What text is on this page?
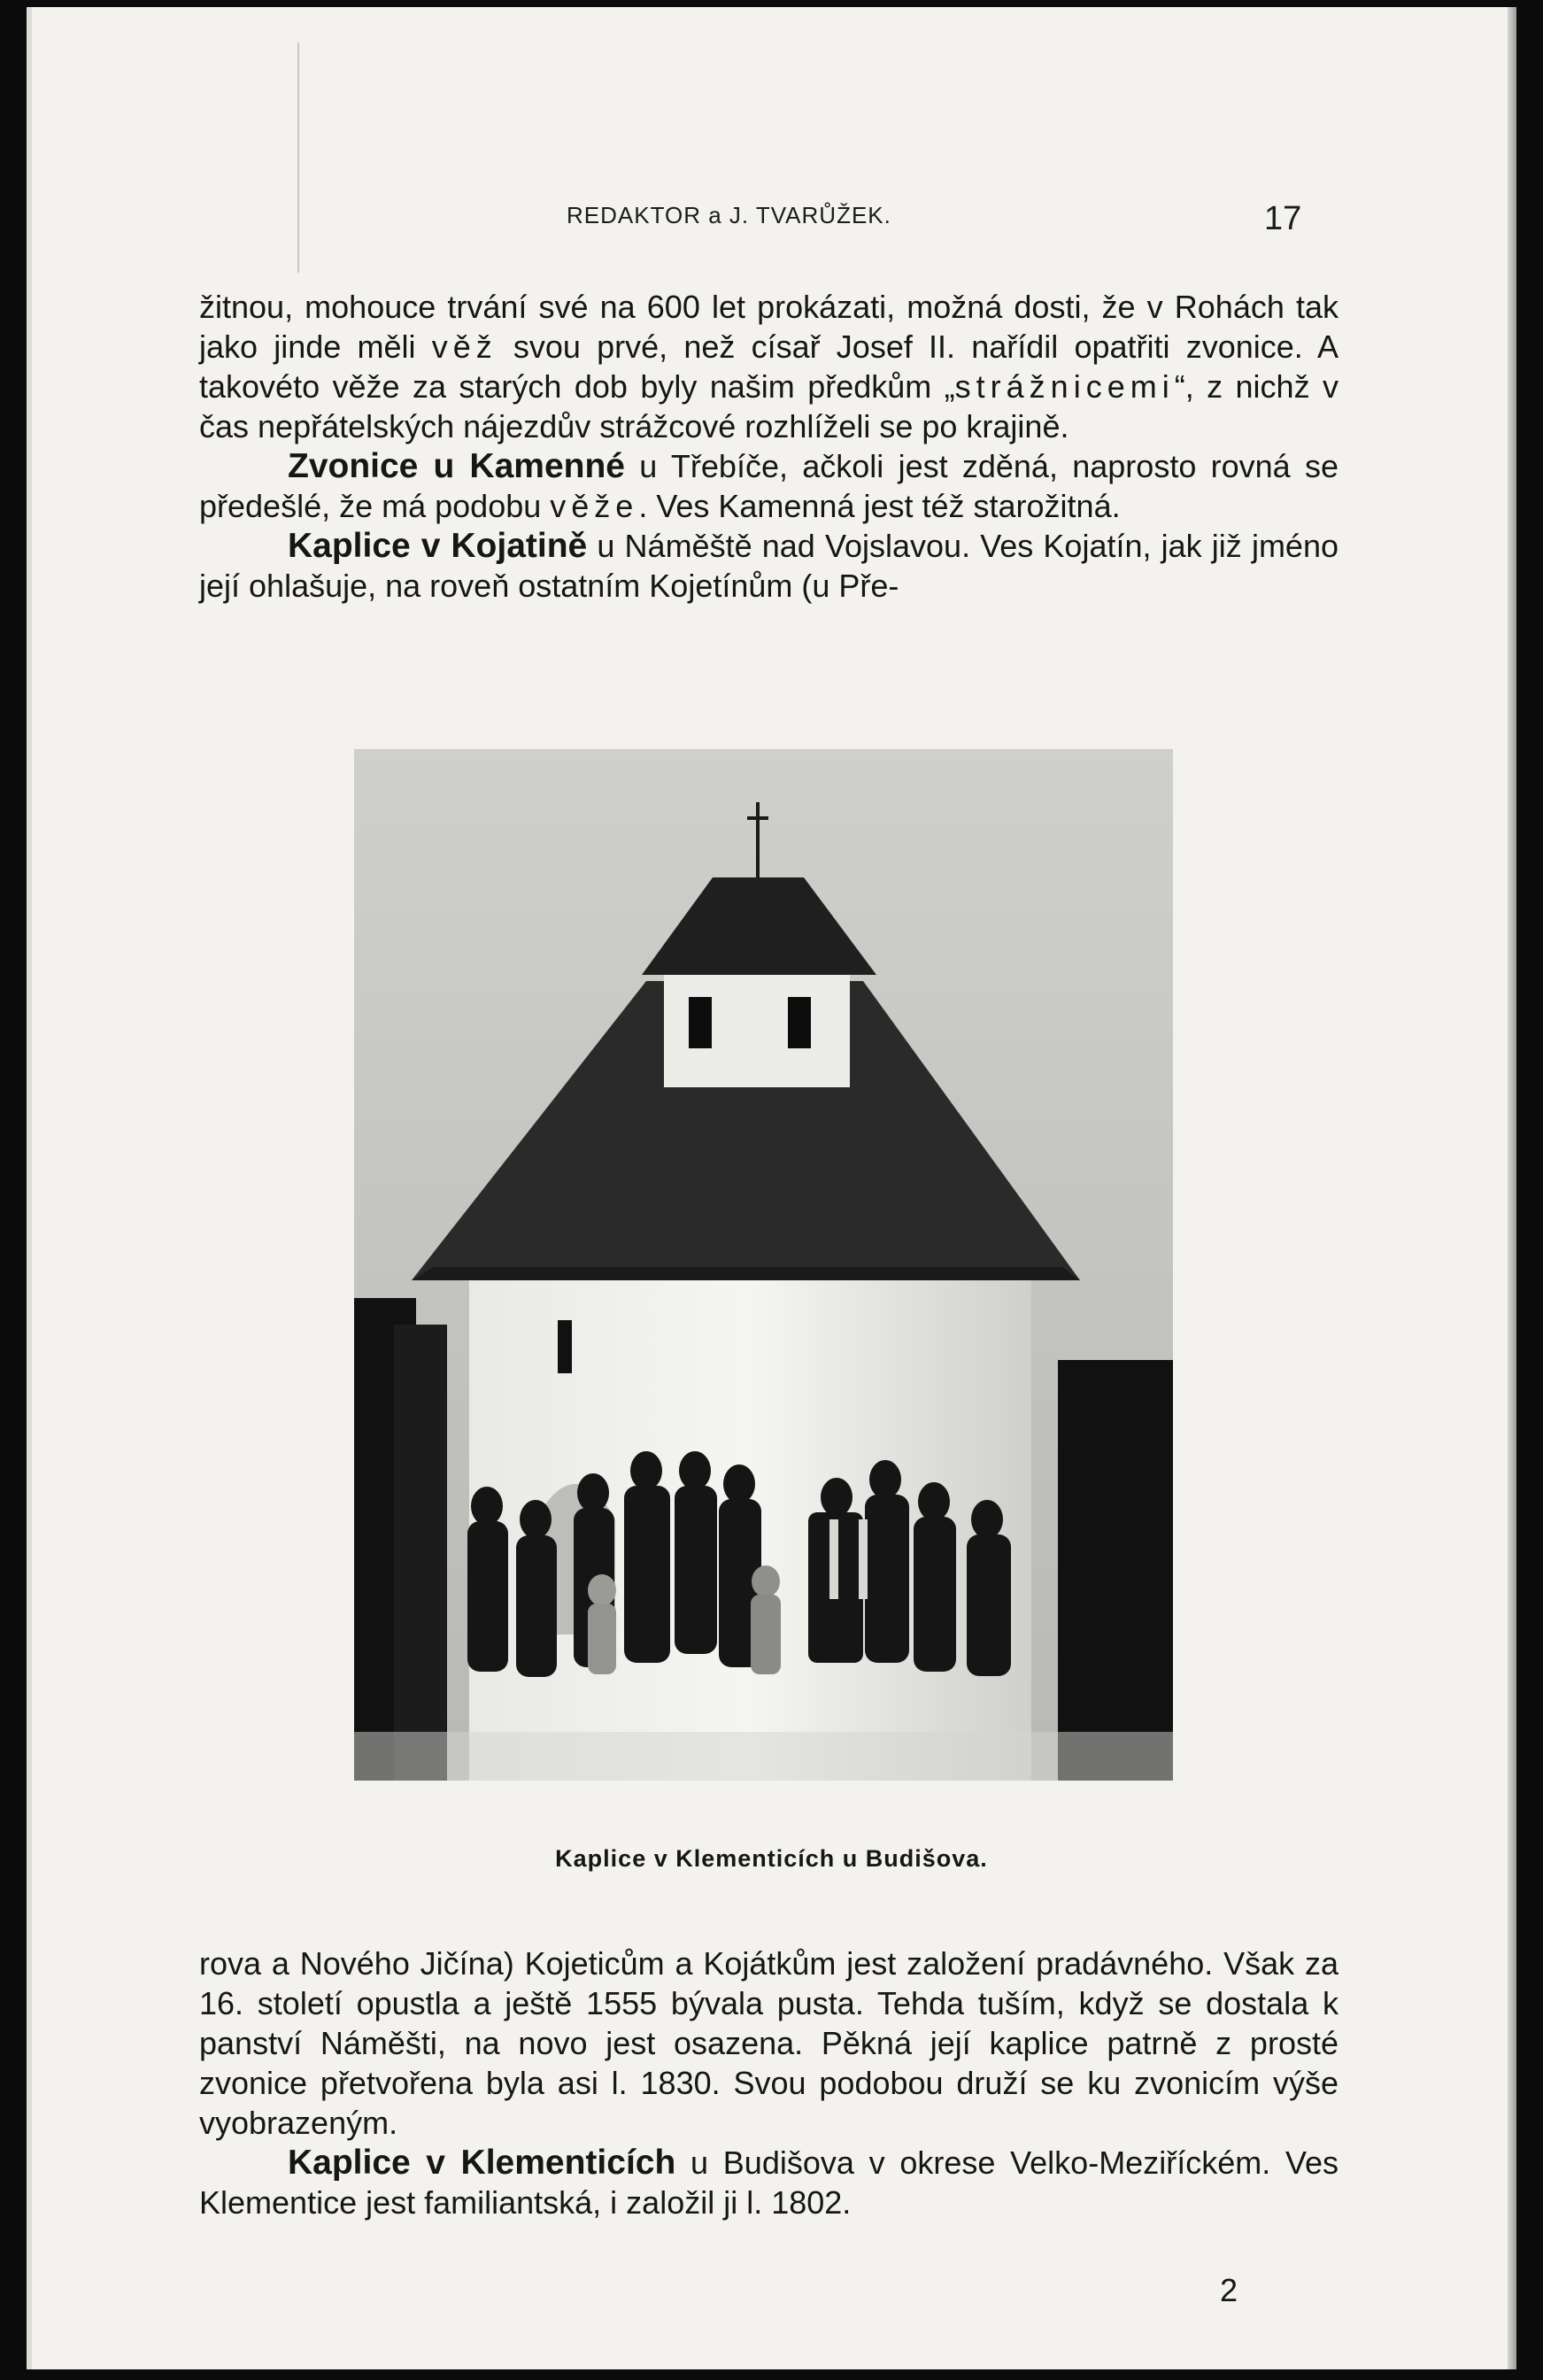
REDAKTOR a J. TVARŮŽEK.	17

žitnou, mohouce trvání své na 600 let prokázati, možná dosti, že v Rohách tak jako jinde měli věž svou prvé, než císař Josef II. nařídil opatřiti zvonice. A takovéto věže za starých dob byly našim předkům „strážnicemi“, z nichž v čas nepřátelských nájezdův strážcové rozhlíželi se po krajině.

Zvonice u Kamenné u Třebíče, ačkoli jest zděná, naprosto rovná se předešlé, že má podobu věže. Ves Kamenná jest též starožitná.

Kaplice v Kojatině u Náměště nad Vojslavou. Ves Kojatín, jak již jméno její ohlašuje, na roveň ostatním Kojetínům (u Pře-

Kaplice v Klementicích u Budišova.

rova a Nového Jičína) Kojeticům a Kojátkům jest založení pradávného. Však za 16. století opustla a ještě 1555 bývala pusta. Tehda tuším, když se dostala k panství Náměšti, na novo jest osazena. Pěkná její kaplice patrně z prosté zvonice přetvořena byla asi l. 1830. Svou podobou druží se ku zvonicím výše vyobrazeným.

Kaplice v Klementicích u Budišova v okrese Velko-Meziříckém. Ves Klementice jest familiantská, i založil ji l. 1802.

2
